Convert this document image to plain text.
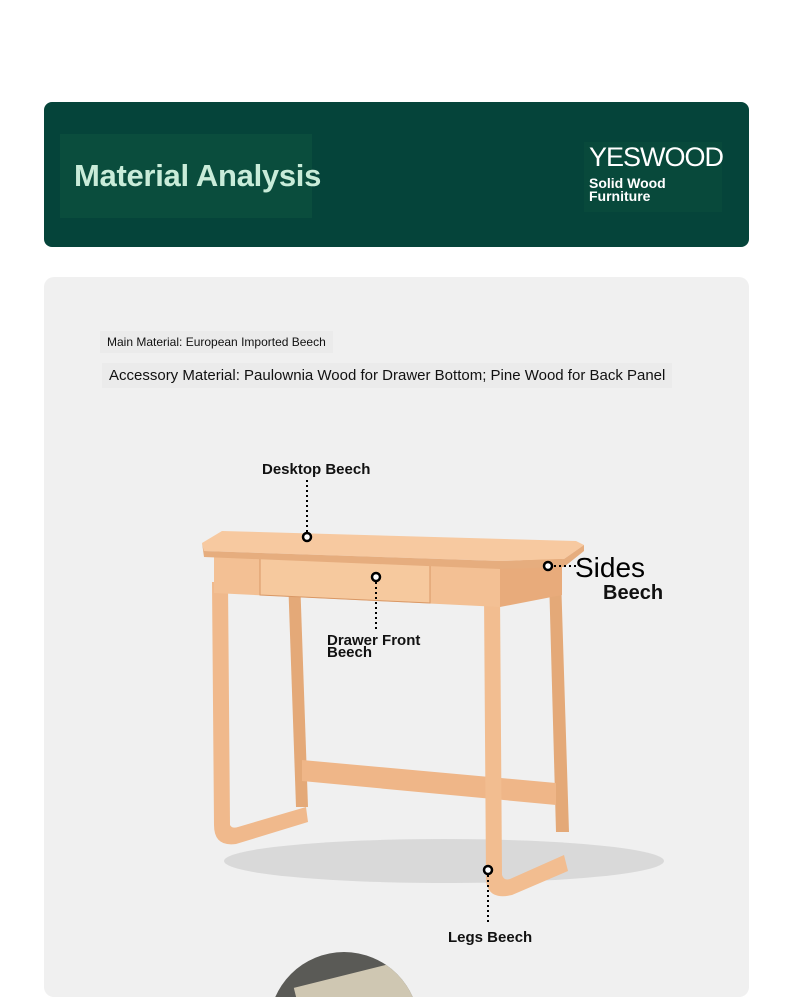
Material Analysis
YESWOOD
Solid Wood Furniture
Main Material: European Imported Beech
Accessory Material: Paulownia Wood for Drawer Bottom; Pine Wood for Back Panel
Desktop Beech
Drawer Front Beech
Sides
Beech
Legs Beech
